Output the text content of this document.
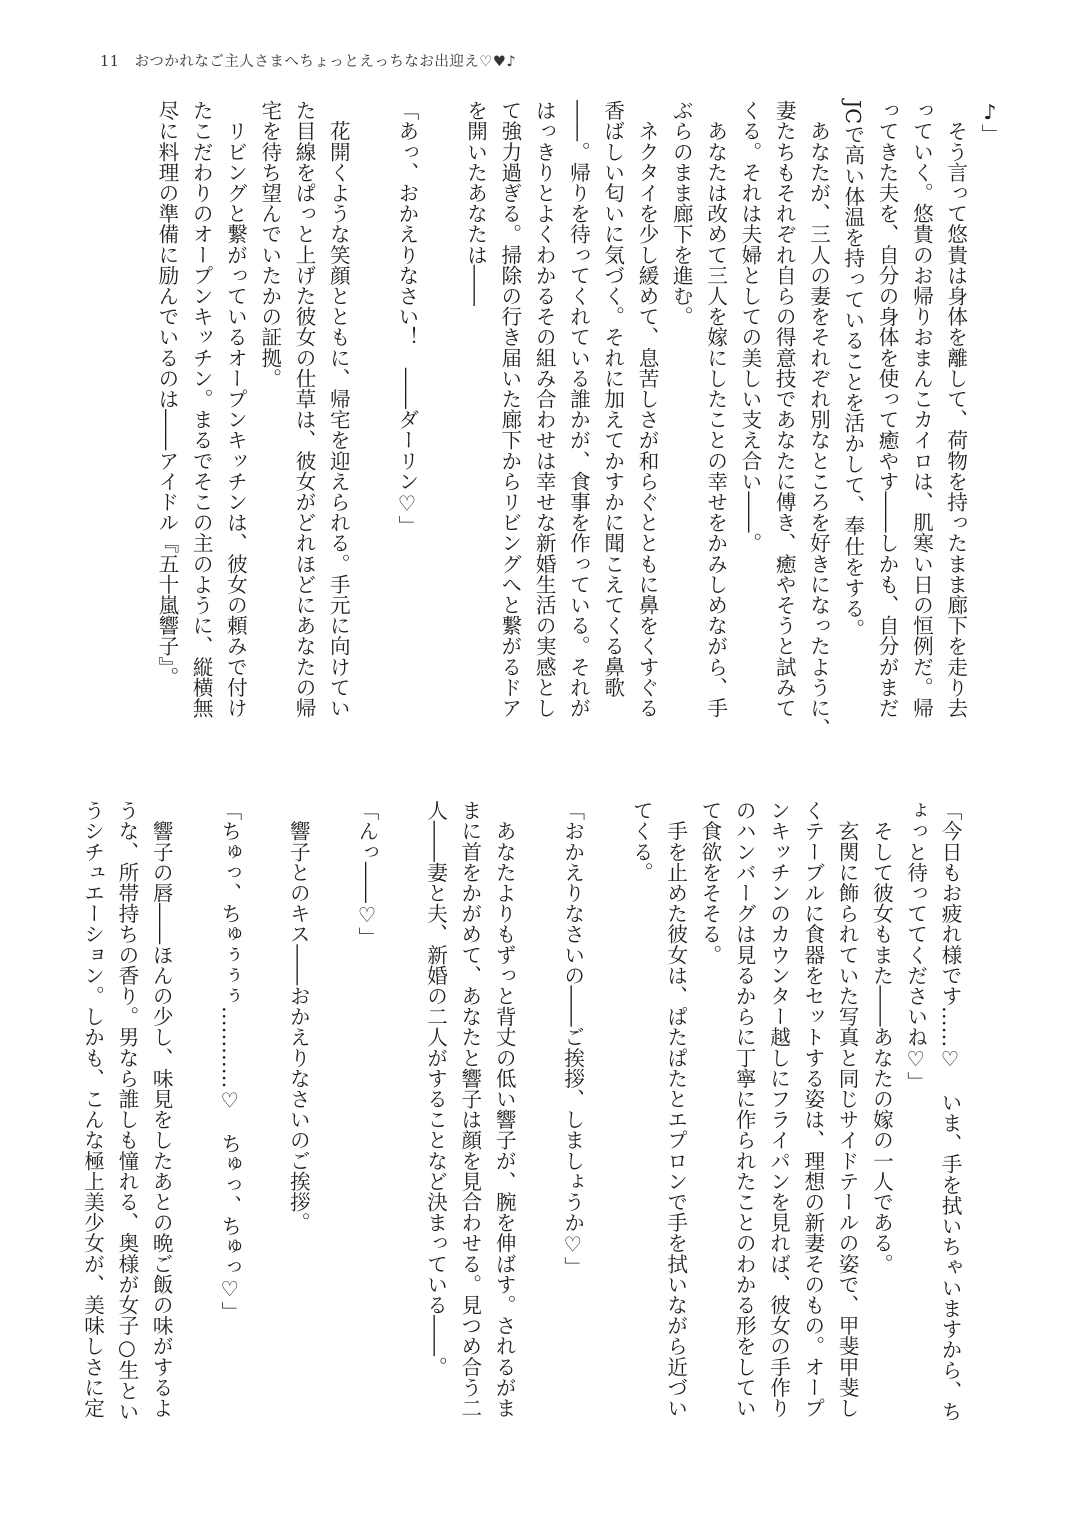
11 おつかれなご主人さまへちょっとえっちなお出迎え♡♥♪
♪」
　そう言って悠貴は身体を離して、荷物を持ったまま廊下を走り去
っていく。悠貴のお帰りおまんこカイロは、肌寒い日の恒例だ。帰
ってきた夫を、自分の身体を使って癒やす――しかも、自分がまだ
JCで高い体温を持っていることを活かして、奉仕をする。
　あなたが、三人の妻をそれぞれ別なところを好きになったように、
妻たちもそれぞれ自らの得意技であなたに傅き、癒やそうと試みて
くる。それは夫婦としての美しい支え合い――。
　あなたは改めて三人を嫁にしたことの幸せをかみしめながら、手
ぶらのまま廊下を進む。
　ネクタイを少し緩めて、息苦しさが和らぐとともに鼻をくすぐる
香ばしい匂いに気づく。それに加えてかすかに聞こえてくる鼻歌
――。帰りを待ってくれている誰かが、食事を作っている。それが
はっきりとよくわかるその組み合わせは幸せな新婚生活の実感とし
て強力過ぎる。掃除の行き届いた廊下からリビングへと繋がるドア
を開いたあなたは――
「あっ、おかえりなさい！　――ダーリン♡」
　花開くような笑顔とともに、帰宅を迎えられる。手元に向けてい
た目線をぱっと上げた彼女の仕草は、彼女がどれほどにあなたの帰
宅を待ち望んでいたかの証拠。
　リビングと繋がっているオープンキッチンは、彼女の頼みで付け
たこだわりのオープンキッチン。まるでそこの主のように、縦横無
尽に料理の準備に励んでいるのは――アイドル『五十嵐響子』。
「今日もお疲れ様です……♡　いま、手を拭いちゃいますから、ち
ょっと待っててくださいね♡」
　そして彼女もまた――あなたの嫁の一人である。
　玄関に飾られていた写真と同じサイドテールの姿で、甲斐甲斐し
くテーブルに食器をセットする姿は、理想の新妻そのもの。オープ
ンキッチンのカウンター越しにフライパンを見れば、彼女の手作り
のハンバーグは見るからに丁寧に作られたことのわかる形をしてい
て食欲をそそる。
　手を止めた彼女は、ぱたぱたとエプロンで手を拭いながら近づい
てくる。
「おかえりなさいの――ご挨拶、しましょうか♡」
　あなたよりもずっと背丈の低い響子が、腕を伸ばす。されるがま
まに首をかがめて、あなたと響子は顔を見合わせる。見つめ合う二
人――妻と夫、新婚の二人がすることなど決まっている――。
「んっ――♡」
　響子とのキス――おかえりなさいのご挨拶。
「ちゅっ、ちゅぅぅぅ…………♡　ちゅっ、ちゅっ♡」
　響子の唇――ほんの少し、味見をしたあとの晩ご飯の味がするよ
うな、所帯持ちの香り。男なら誰しも憧れる、奥様が女子○生とい
うシチュエーション。しかも、こんな極上美少女が、美味しさに定
